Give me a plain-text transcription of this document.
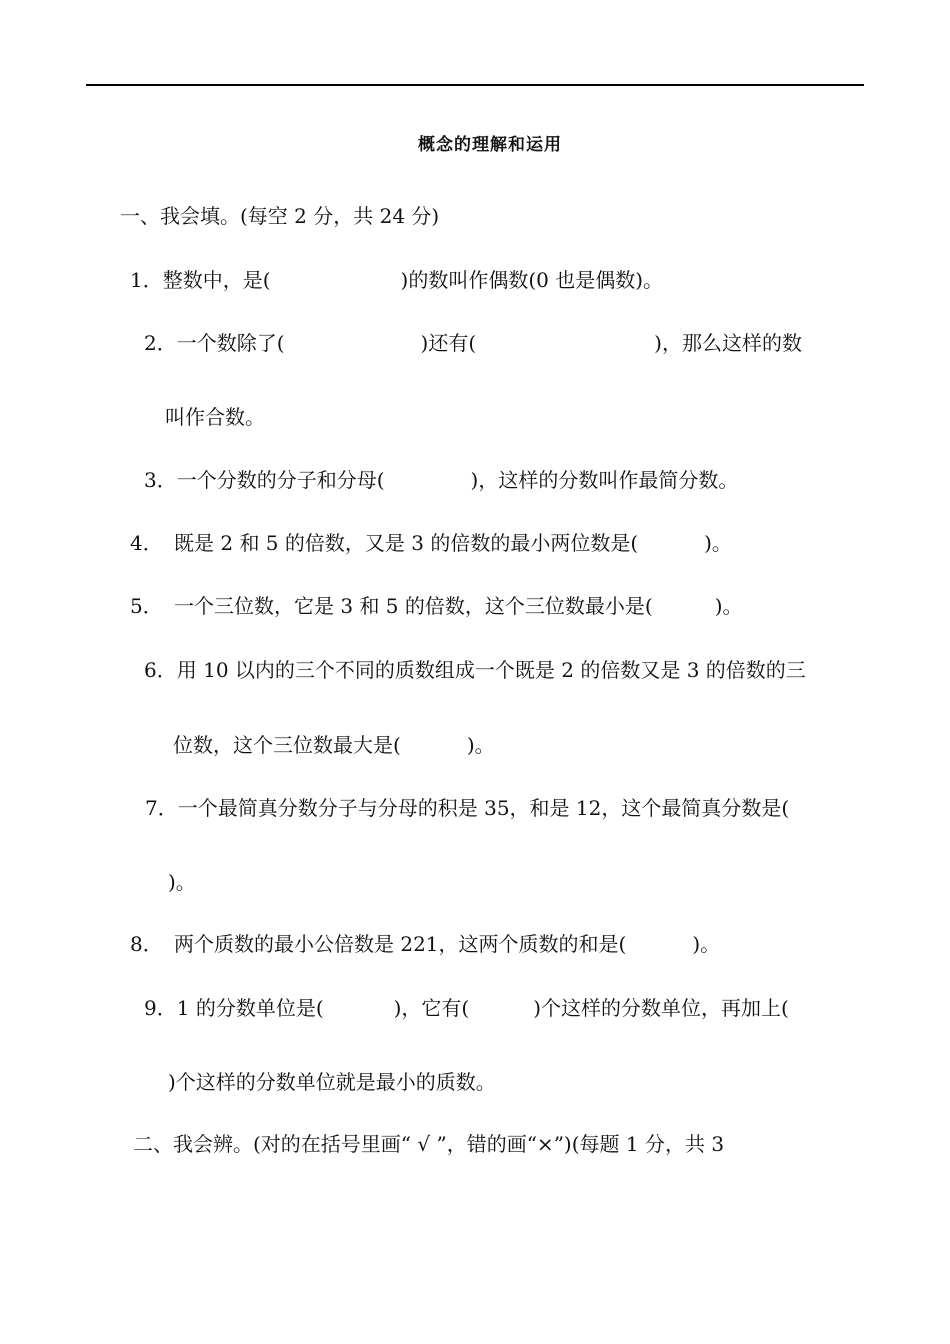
概念的理解和运用
一、我会填。(每空 2 分，共 24 分)
1．整数中，是(	)的数叫作偶数(0 也是偶数)。
2．一个数除了(	)还有(	)，那么这样的数
叫作合数。
3．一个分数的分子和分母(	)，这样的分数叫作最简分数。
4． 既是 2 和 5 的倍数，又是 3 的倍数的最小两位数是(	)。
5． 一个三位数，它是 3 和 5 的倍数，这个三位数最小是(	)。
6．用 10 以内的三个不同的质数组成一个既是 2 的倍数又是 3 的倍数的三
位数，这个三位数最大是(	)。
7．一个最简真分数分子与分母的积是 35，和是 12，这个最简真分数是(
)。
8． 两个质数的最小公倍数是 221，这两个质数的和是(	)。
9．1 的分数单位是(	)，它有(	)个这样的分数单位，再加上(
)个这样的分数单位就是最小的质数。
二、我会辨。(对的在括号里画“ √ ”，错的画“×”)(每题 1 分，共 3
